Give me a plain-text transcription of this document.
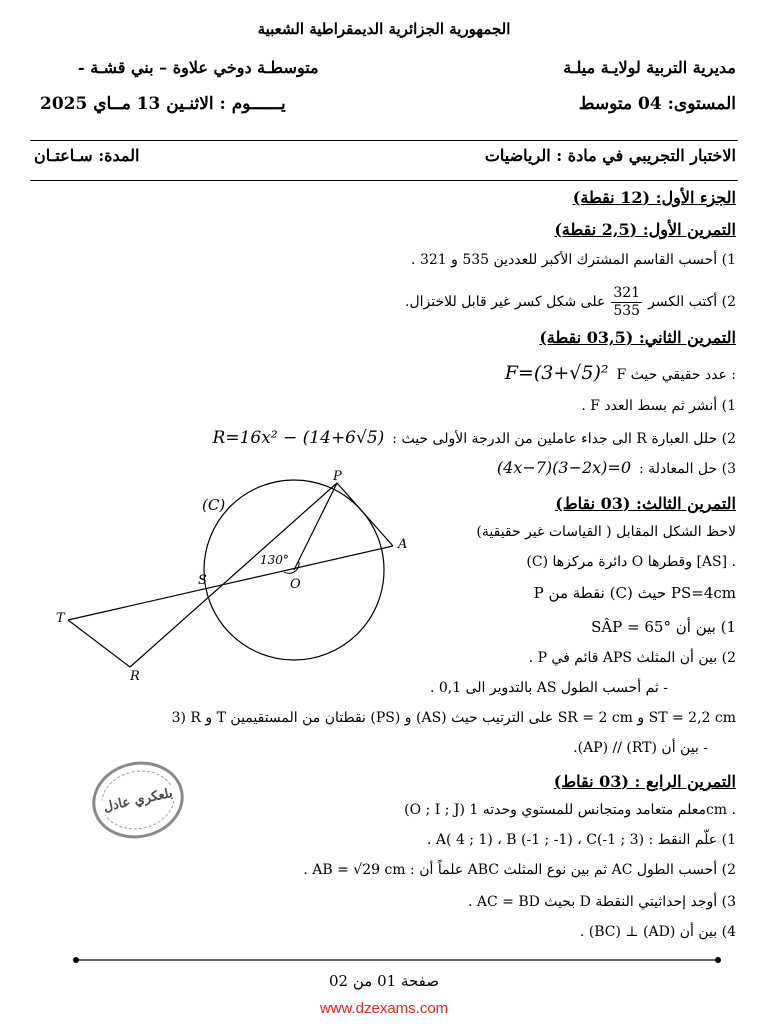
الجمهورية الجزائرية الديمقراطية الشعبية
مديرية التربية لولايـة ميلـة
متوسطـة دوخي علاوة – بني قشـة -
المستوى: 04 متوسط
يــــــوم : الاثنـين 13 مــاي 2025
الاختبار التجريبي في مادة : الرياضيات
المدة: سـاعتـان
الجزء الأول: (12 نقطة)
التمرين الأول: (2,5 نقطة)
1) أحسب القاسم المشترك الأكبر للعددين 535 و 321 .
2) أكتب الكسر
$\frac{321}{535}$
على شكل كسر غير قابل للاختزال.
التمرين الثاني: (03,5 نقطة)
F عدد حقيقي حيث :
F=(3+√5)²
1) أنشر ثم بسط العدد F .
2) حلل العبارة R الى جداء عاملين من الدرجة الأولى حيث :
R=16x² − (14+6√5)
3) حل المعادلة :
(4x−7)(3−2x)=0
التمرين الثالث: (03 نقاط)
لاحظ الشكل المقابل ( القياسات غير حقيقية)
(C) دائرة مركزها O وقطرها [AS] .
P نقطة من (C) حيث PS=4cm
1) بين أن SÂP = 65°
2) بين أن المثلث APS قائم في P .
- ثم أحسب الطول AS بالتدوير الى 0,1 .
3) R و T نقطتان من المستقيمين (PS) و (AS) على الترتيب حيث SR = 2 cm و ST = 2,2 cm
- بين أن (RT) // (AP).
(C)
P
A
S	O
T
R
130°
بلعكري عادل
التمرين الرابع : (03 نقاط)
(O ; I ; J) معلم متعامد ومتجانس للمستوي وحدته 1cm .
1) علّم النقط : A( 4 ; 1) ، B (-1 ; -1) ، C(-1 ; 3) .
2) أحسب الطول AC ثم بين نوع المثلث ABC علماً أن : AB = √29 cm .
3) أوجد إحداثيتي النقطة D بحيث AC = BD .
4) بين أن (AD) ⊥ (BC) .
صفحة 01 من 02
www.dzexams.com
